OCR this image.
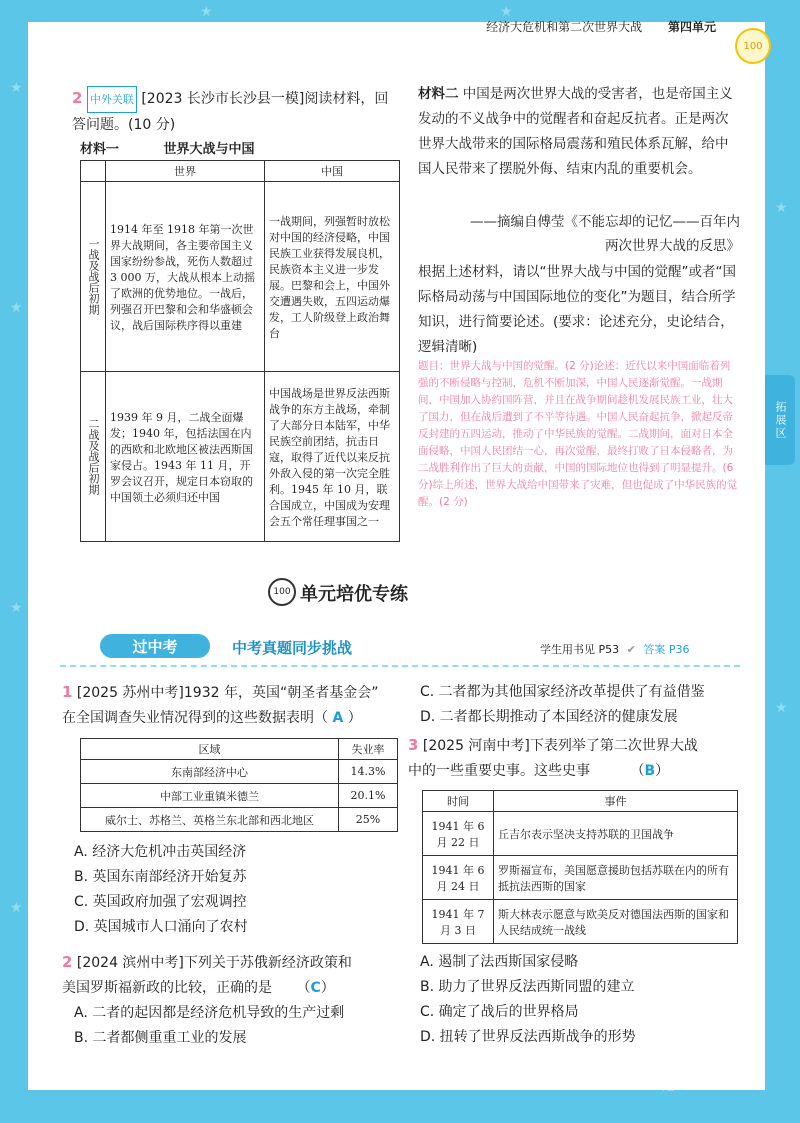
★
★
★
★
★
★
★	★
拓展区
经济大危机和第二次世界大战 第四单元
100
2 中外关联 [2023 长沙市长沙县一模]阅读材料，回答问题。(10 分)
材料一	世界大战与中国
	世界	中国
一战及战后初期	1914 年至 1918 年第一次世界大战期间，各主要帝国主义国家纷纷参战，死伤人数超过 3 000 万，大战从根本上动摇了欧洲的优势地位。一战后，列强召开巴黎和会和华盛顿会议，战后国际秩序得以重建	一战期间，列强暂时放松对中国的经济侵略，中国民族工业获得发展良机，民族资本主义进一步发展。巴黎和会上，中国外交遭遇失败，五四运动爆发，工人阶级登上政治舞台
二战及战后初期	1939 年 9 月，二战全面爆发；1940 年，包括法国在内的西欧和北欧地区被法西斯国家侵占。1943 年 11 月，开罗会议召开，规定日本窃取的中国领土必须归还中国	中国战场是世界反法西斯战争的东方主战场，牵制了大部分日本陆军，中华民族空前团结，抗击日寇，取得了近代以来反抗外敌入侵的第一次完全胜利。1945 年 10 月，联合国成立，中国成为安理会五个常任理事国之一
材料二 中国是两次世界大战的受害者，也是帝国主义发动的不义战争中的觉醒者和奋起反抗者。正是两次世界大战带来的国际格局震荡和殖民体系瓦解，给中国人民带来了摆脱外侮、结束内乱的重要机会。
——摘编自傅莹《不能忘却的记忆——百年内
两次世界大战的反思》
根据上述材料，请以“世界大战与中国的觉醒”或者“国际格局动荡与中国国际地位的变化”为题目，结合所学知识，进行简要论述。(要求：论述充分，史论结合，逻辑清晰)
题目：世界大战与中国的觉醒。(2 分)论述：近代以来中国面临着列强的不断侵略与控制，危机不断加深，中国人民逐渐觉醒。一战期间，中国加入协约国阵营，并且在战争期间趁机发展民族工业，壮大了国力，但在战后遭到了不平等待遇。中国人民奋起抗争，掀起反帝反封建的五四运动，推动了中华民族的觉醒。二战期间，面对日本全面侵略，中国人民团结一心，再次觉醒，最终打败了日本侵略者，为二战胜利作出了巨大的贡献，中国的国际地位也得到了明显提升。(6 分)综上所述，世界大战给中国带来了灾难，但也促成了中华民族的觉醒。(2 分)
100 单元培优专练
过中考	中考真题同步挑战	学生用书见 P53 ✔ 答案 P36
1 [2025 苏州中考]1932 年，英国“朝圣者基金会”
在全国调查失业情况得到的这些数据表明（ A ）
区域	失业率
东南部经济中心	14.3%
中部工业重镇米德兰	20.1%
威尔士、苏格兰、英格兰东北部和西北地区	25%
A. 经济大危机冲击英国经济
B. 英国东南部经济开始复苏
C. 英国政府加强了宏观调控
D. 英国城市人口涌向了农村
2 [2024 滨州中考]下列关于苏俄新经济政策和
美国罗斯福新政的比较，正确的是 （C）
A. 二者的起因都是经济危机导致的生产过剩
B. 二者都侧重重工业的发展
C. 二者都为其他国家经济改革提供了有益借鉴
D. 二者都长期推动了本国经济的健康发展
3 [2025 河南中考]下表列举了第二次世界大战
中的一些重要史事。这些史事	（B）
时间	事件
1941 年 6 月 22 日	丘吉尔表示坚决支持苏联的卫国战争
1941 年 6 月 24 日	罗斯福宣布，美国愿意援助包括苏联在内的所有抵抗法西斯的国家
1941 年 7 月 3 日	斯大林表示愿意与欧美反对德国法西斯的国家和人民结成统一战线
A. 遏制了法西斯国家侵略
B. 助力了世界反法西斯同盟的建立
C. 确定了战后的世界格局
D. 扭转了世界反法西斯战争的形势
上海人教版 下册	53
